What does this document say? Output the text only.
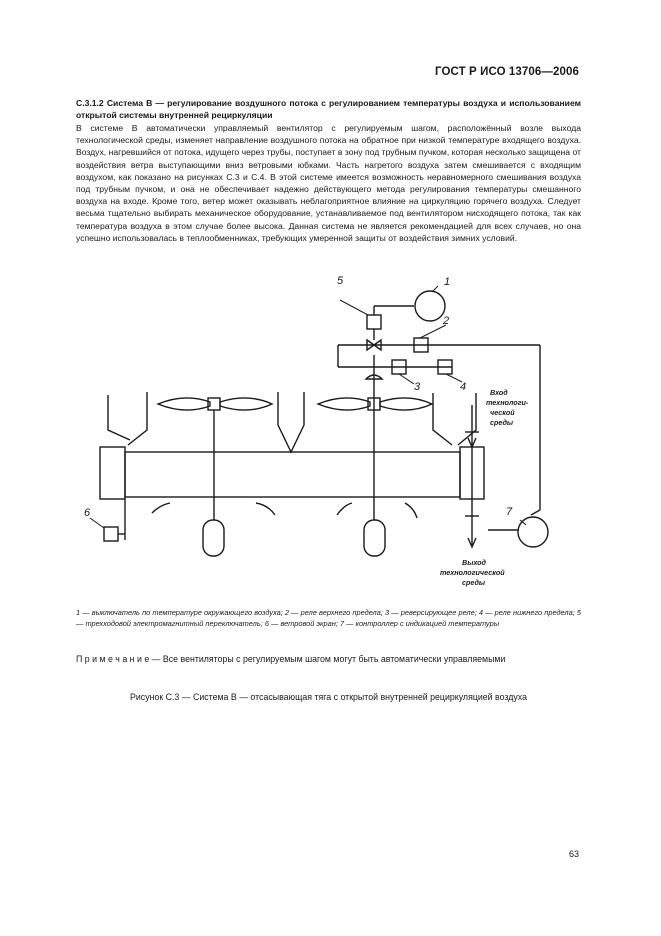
ГОСТ Р ИСО 13706—2006

С.3.1.2 Система В — регулирование воздушного потока с регулированием температуры воздуха и использованием открытой системы внутренней рециркуляции

В системе В автоматически управляемый вентилятор с регулируемым шагом, расположённый возле выхода технологической среды, изменяет направление воздушного потока на обратное при низкой температуре входящего воздуха. Воздух, нагревшийся от потока, идущего через трубы, поступает в зону под трубным пучком, которая несколько защищена от воздействия ветра выступающими вниз ветровыми юбками. Часть нагретого воздуха затем смешивается с входящим воздухом, как показано на рисунках С.3 и С.4. В этой системе имеется возможность неравномерного смешивания воздуха под трубным пучком, и она не обеспечивает надежно действующего метода регулирования температуры смешанного воздуха на входе. Кроме того, ветер может оказывать неблагоприятное влияние на циркуляцию горячего воздуха. Следует весьма тщательно выбирать механическое оборудование, устанавливаемое под вентилятором нисходящего потока, так как температура воздуха в этом случае более высока. Данная система не является рекомендацией для всех случаев, но она успешно использовалась в теплообменниках, требующих умеренной защиты от воздействия зимних условий.

1
2
3	4
5
6	7
Вход
технологи-
ческой
среды
Выход
технологической
среды

1 — выключатель по температуре окружающего воздуха; 2 — реле верхнего предела; 3 — реверсирующее реле; 4 — реле нижнего предела; 5 — трехходовой электромагнитный переключатель; 6 — ветровой экран; 7 — контроллер с индикацией температуры

П р и м е ч а н и е — Все вентиляторы с регулируемым шагом могут быть автоматически управляемыми

Рисунок С.3 — Система В — отсасывающая тяга с открытой внутренней рециркуляцией воздуха

63
